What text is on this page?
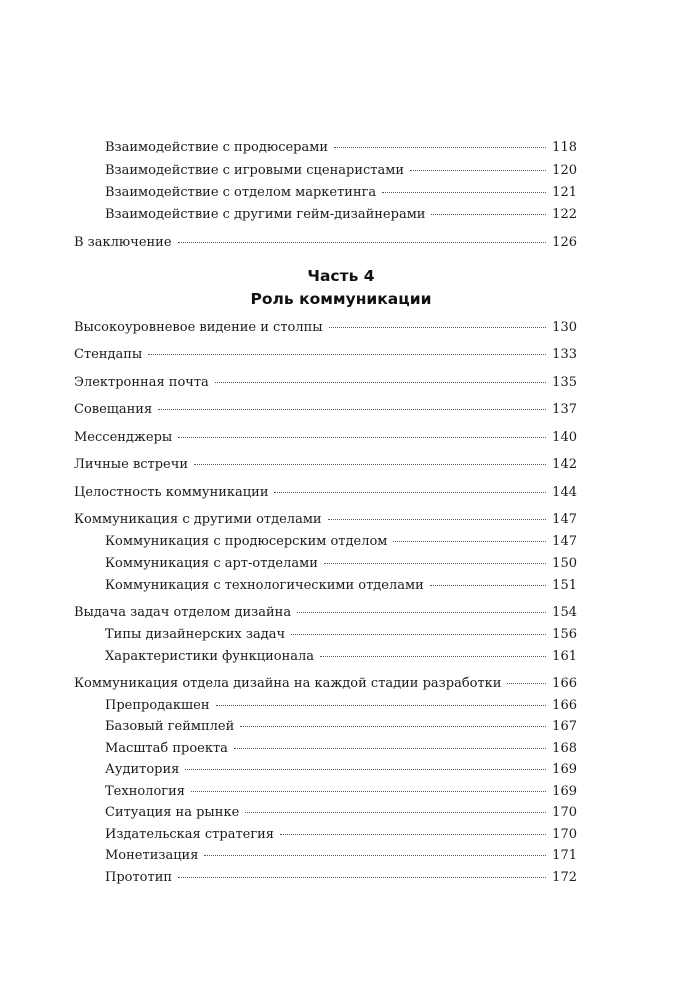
Взаимодействие с продюсерами	118
Взаимодействие с игровыми сценаристами	120
Взаимодействие с отделом маркетинга	121
Взаимодействие с другими гейм-дизайнерами	122
В заключение	126
Часть 4
Роль коммуникации
Высокоуровневое видение и столпы	130
Стендапы	133
Электронная почта	135
Совещания	137
Мессенджеры	140
Личные встречи	142
Целостность коммуникации	144
Коммуникация с другими отделами	147
Коммуникация с продюсерским отделом	147
Коммуникация с арт-отделами	150
Коммуникация с технологическими отделами	151
Выдача задач отделом дизайна	154
Типы дизайнерских задач	156
Характеристики функционала	161
Коммуникация отдела дизайна на каждой стадии разработки	166
Препродакшен	166
Базовый геймплей	167
Масштаб проекта	168
Аудитория	169
Технология	169
Ситуация на рынке	170
Издательская стратегия	170
Монетизация	171
Прототип	172
